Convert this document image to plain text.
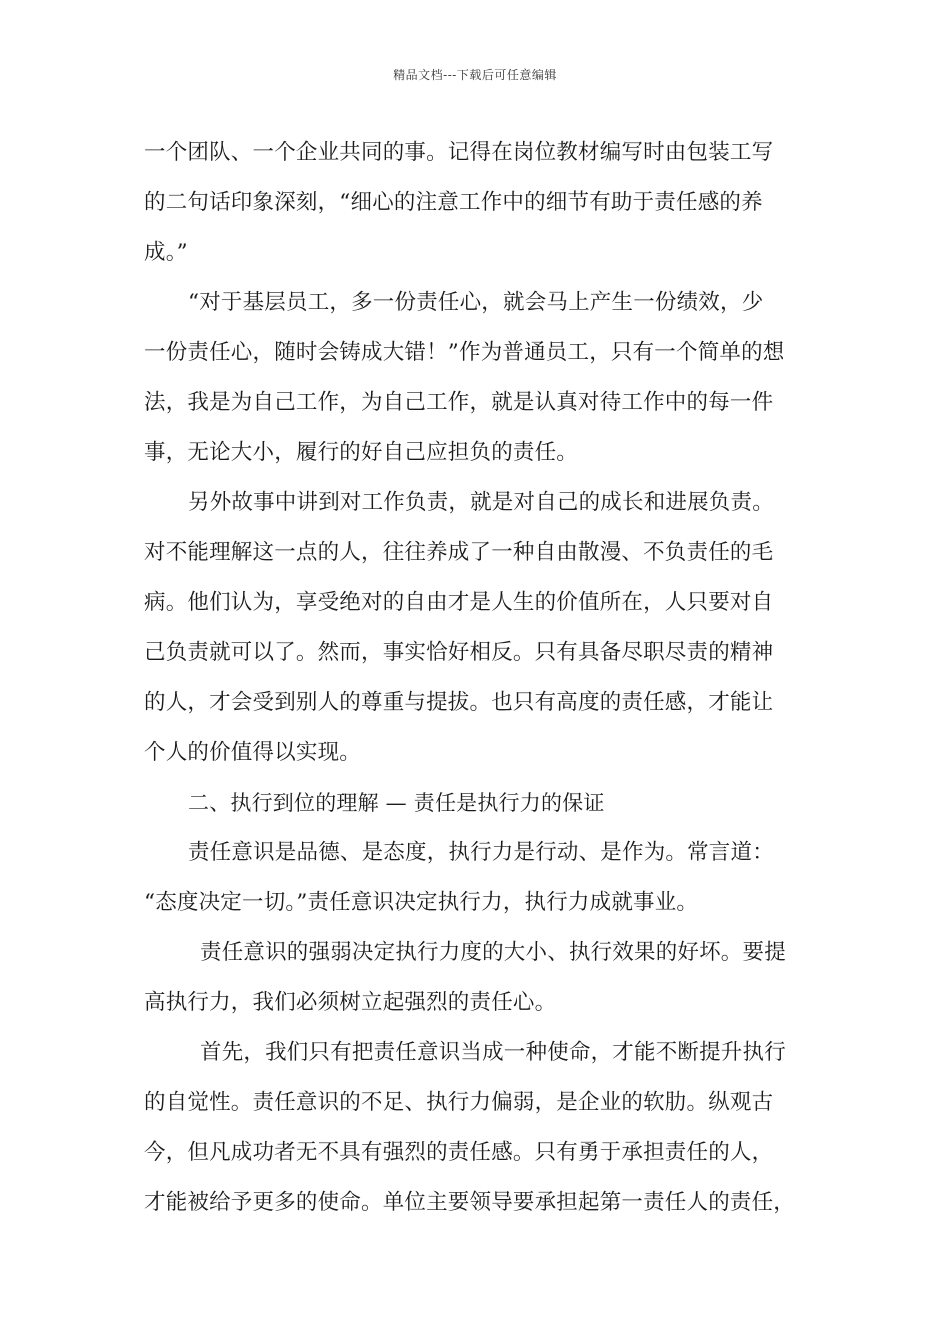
精品文档---下载后可任意编辑
一个团队、一个企业共同的事。记得在岗位教材编写时由包装工写
的二句话印象深刻，“细心的注意工作中的细节有助于责任感的养
成。”
“对于基层员工，多一份责任心，就会马上产生一份绩效，少
一份责任心，随时会铸成大错！”作为普通员工，只有一个简单的想
法，我是为自己工作，为自己工作，就是认真对待工作中的每一件
事，无论大小，履行的好自己应担负的责任。
另外故事中讲到对工作负责，就是对自己的成长和进展负责。
对不能理解这一点的人，往往养成了一种自由散漫、不负责任的毛
病。他们认为，享受绝对的自由才是人生的价值所在，人只要对自
己负责就可以了。然而，事实恰好相反。只有具备尽职尽责的精神
的人，才会受到别人的尊重与提拔。也只有高度的责任感，才能让
个人的价值得以实现。
二、执行到位的理解 — 责任是执行力的保证
责任意识是品德、是态度，执行力是行动、是作为。常言道：
“态度决定一切。”责任意识决定执行力，执行力成就事业。
责任意识的强弱决定执行力度的大小、执行效果的好坏。要提
高执行力，我们必须树立起强烈的责任心。
首先，我们只有把责任意识当成一种使命，才能不断提升执行
的自觉性。责任意识的不足、执行力偏弱，是企业的软肋。纵观古
今，但凡成功者无不具有强烈的责任感。只有勇于承担责任的人，
才能被给予更多的使命。单位主要领导要承担起第一责任人的责任，
